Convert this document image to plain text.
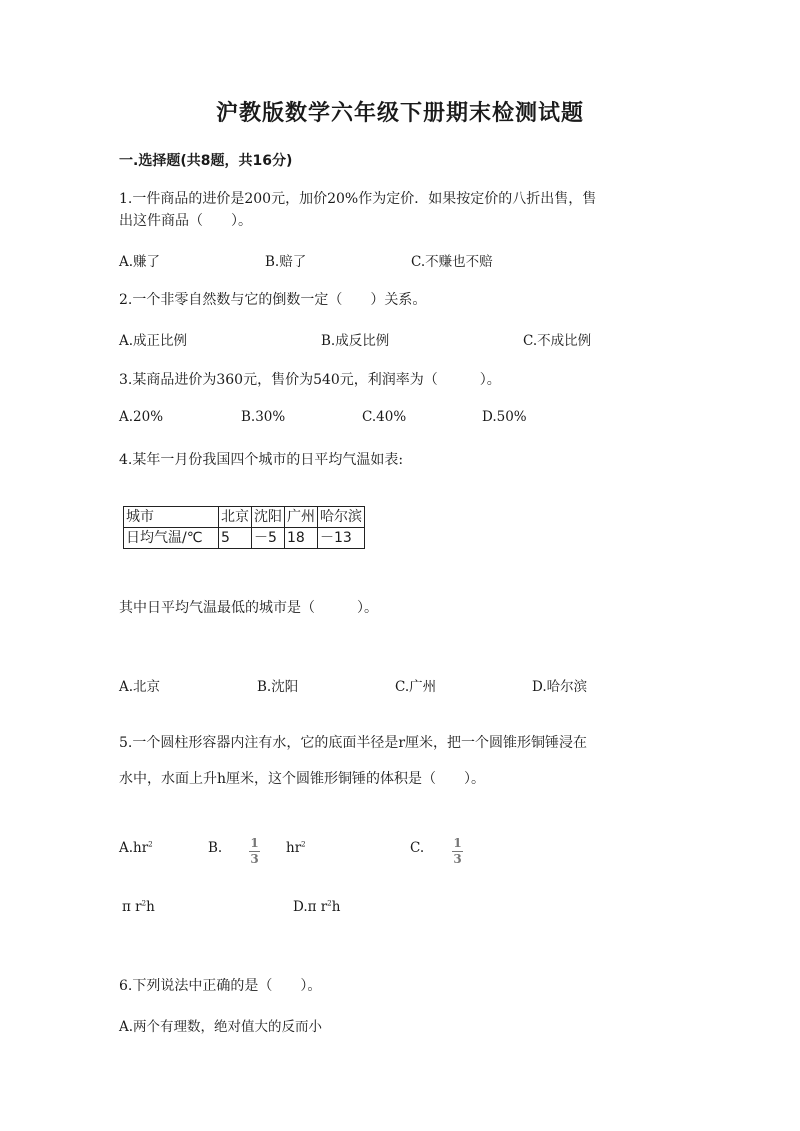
沪教版数学六年级下册期末检测试题
一.选择题(共8题，共16分)
1.一件商品的进价是200元，加价20%作为定价．如果按定价的八折出售，售
出这件商品（　　）。
A.赚了	B.赔了	C.不赚也不赔
2.一个非零自然数与它的倒数一定（　　）关系。
A.成正比例	B.成反比例	C.不成比例
3.某商品进价为360元，售价为540元，利润率为（　　　）。
A.20%	B.30%	C.40%	D.50%
4.某年一月份我国四个城市的日平均气温如表:
城市	北京	沈阳	广州	哈尔滨
日均气温/℃	5	－5	18	－13
其中日平均气温最低的城市是（　　　）。
A.北京	B.沈阳	C.广州	D.哈尔滨
5.一个圆柱形容器内注有水，它的底面半径是r厘米，把一个圆锥形铜锤浸在
水中，水面上升h厘米，这个圆锥形铜锤的体积是（　　）。
$A.hr^2$	B. $\frac{1}{3} hr^2$	C. $\frac{1}{3}$
π $r^2h$	D.π $r^2h$
6.下列说法中正确的是（　　）。
A.两个有理数，绝对值大的反而小
